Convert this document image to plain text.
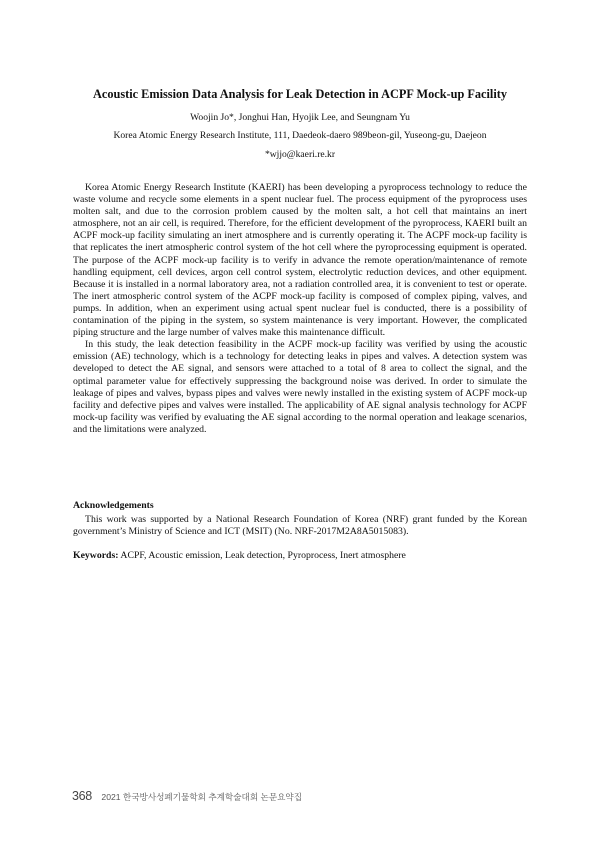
Acoustic Emission Data Analysis for Leak Detection in ACPF Mock-up Facility
Woojin Jo*, Jonghui Han, Hyojik Lee, and Seungnam Yu
Korea Atomic Energy Research Institute, 111, Daedeok-daero 989beon-gil, Yuseong-gu, Daejeon
*wjjo@kaeri.re.kr

Korea Atomic Energy Research Institute (KAERI) has been developing a pyroprocess technology to reduce the waste volume and recycle some elements in a spent nuclear fuel. The process equipment of the pyroprocess uses molten salt, and due to the corrosion problem caused by the molten salt, a hot cell that maintains an inert atmosphere, not an air cell, is required. Therefore, for the efficient development of the pyroprocess, KAERI built an ACPF mock-up facility simulating an inert atmosphere and is currently operating it. The ACPF mock-up facility is that replicates the inert atmospheric control system of the hot cell where the pyroprocessing equipment is operated. The purpose of the ACPF mock-up facility is to verify in advance the remote operation/maintenance of remote handling equipment, cell devices, argon cell control system, electrolytic reduction devices, and other equipment. Because it is installed in a normal laboratory area, not a radiation controlled area, it is convenient to test or operate. The inert atmospheric control system of the ACPF mock-up facility is composed of complex piping, valves, and pumps. In addition, when an experiment using actual spent nuclear fuel is conducted, there is a possibility of contamination of the piping in the system, so system maintenance is very important. However, the complicated piping structure and the large number of valves make this maintenance difficult.

In this study, the leak detection feasibility in the ACPF mock-up facility was verified by using the acoustic emission (AE) technology, which is a technology for detecting leaks in pipes and valves. A detection system was developed to detect the AE signal, and sensors were attached to a total of 8 area to collect the signal, and the optimal parameter value for effectively suppressing the background noise was derived. In order to simulate the leakage of pipes and valves, bypass pipes and valves were newly installed in the existing system of ACPF mock-up facility and defective pipes and valves were installed. The applicability of AE signal analysis technology for ACPF mock-up facility was verified by evaluating the AE signal according to the normal operation and leakage scenarios, and the limitations were analyzed.

Acknowledgements

This work was supported by a National Research Foundation of Korea (NRF) grant funded by the Korean government’s Ministry of Science and ICT (MSIT) (No. NRF-2017M2A8A5015083).

Keywords: ACPF, Acoustic emission, Leak detection, Pyroprocess, Inert atmosphere
368 2021 한국방사성폐기물학회 추계학술대회 논문요약집
